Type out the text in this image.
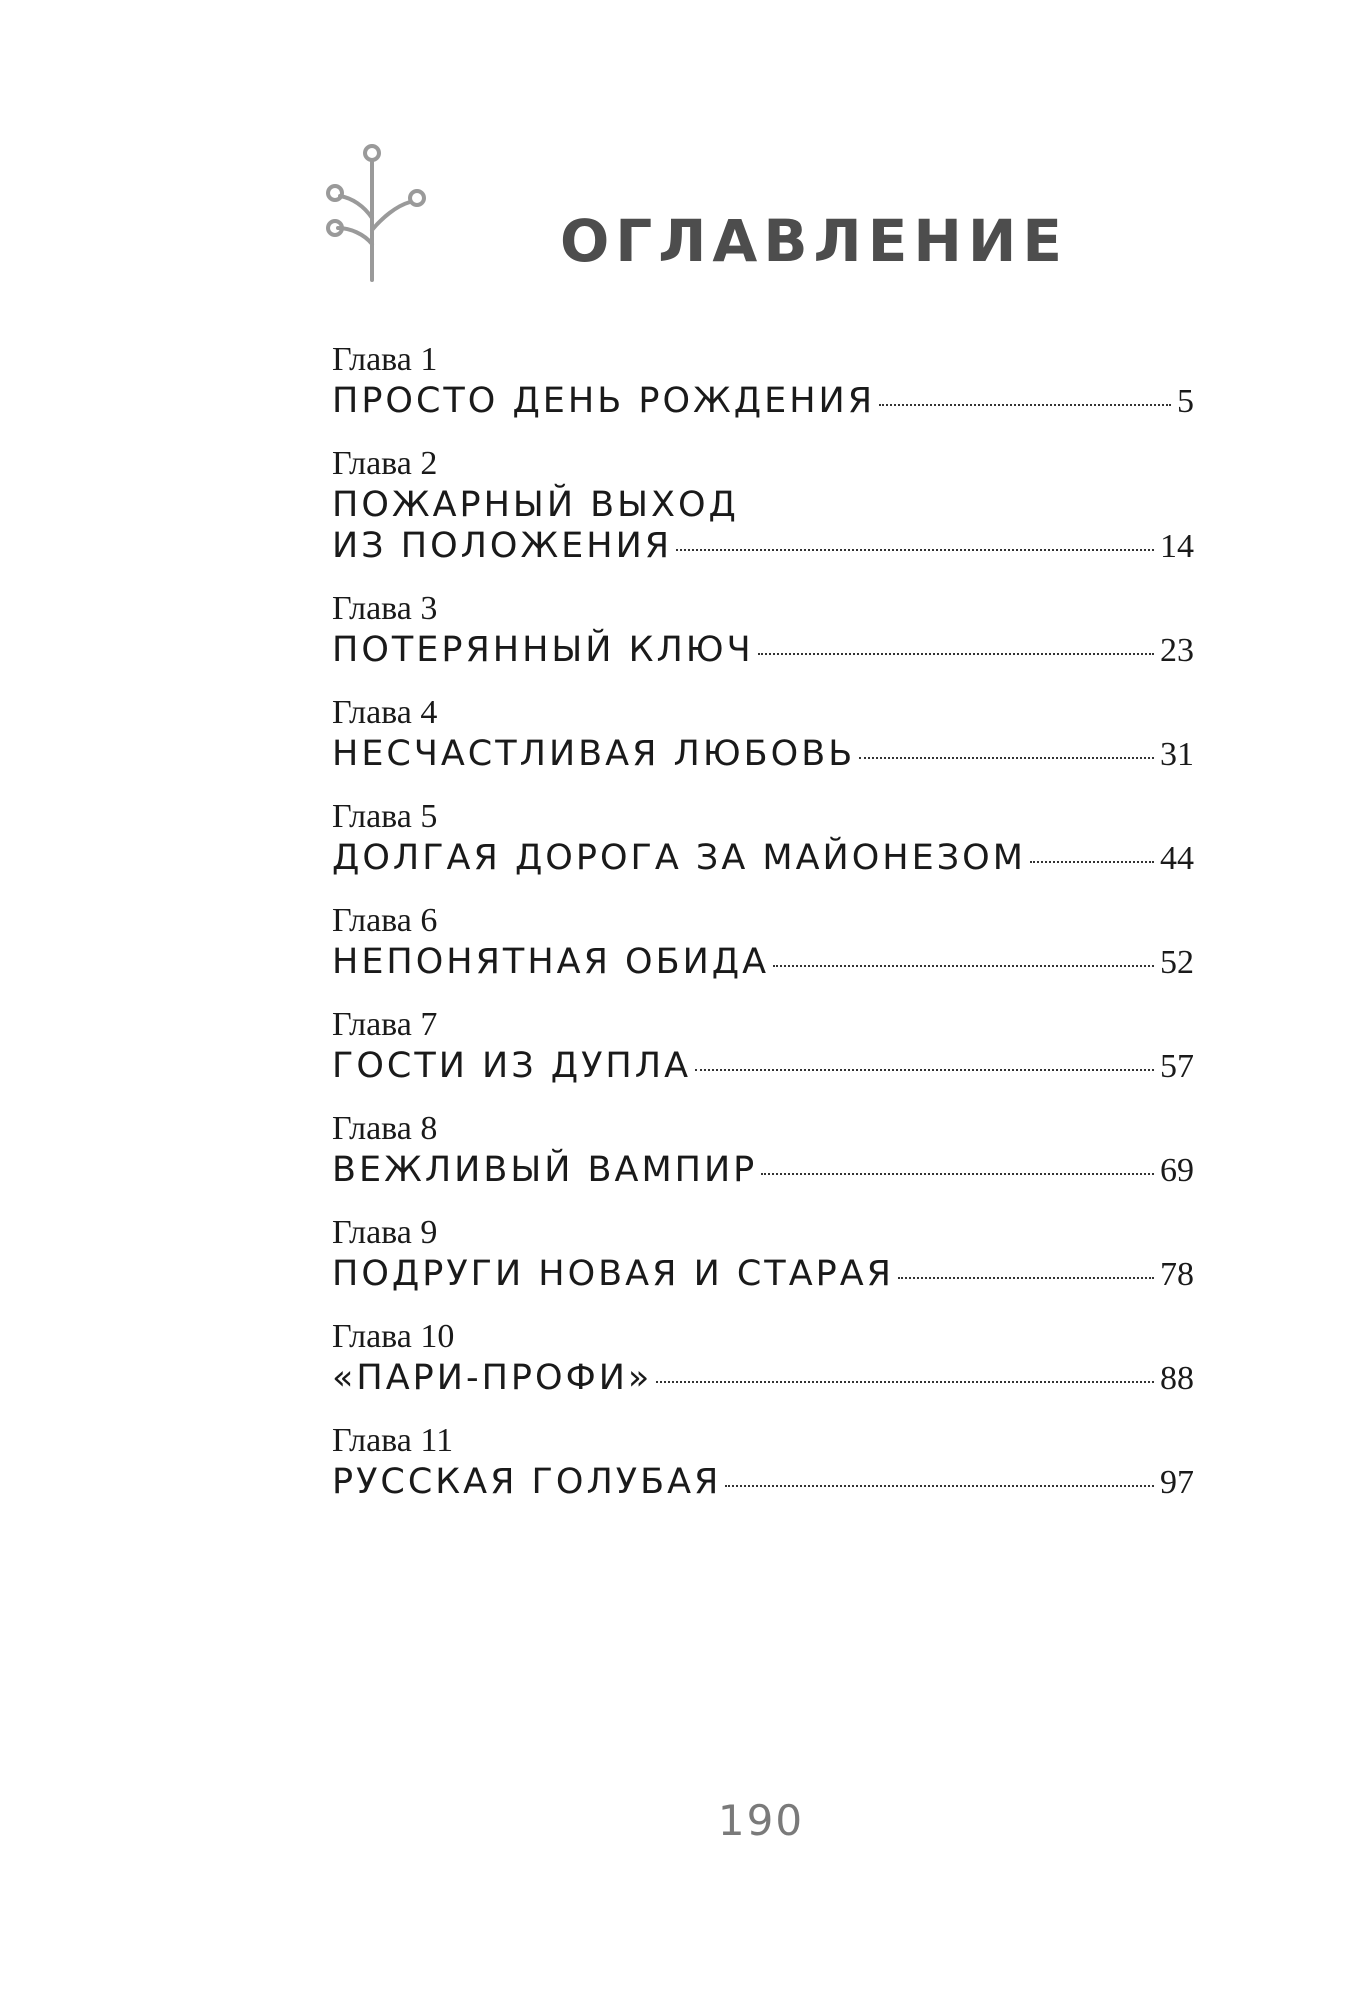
ОГЛАВЛЕНИЕ
Глава 1
ПРОСТО ДЕНЬ РОЖДЕНИЯ	5
Глава 2
ПОЖАРНЫЙ ВЫХОД
ИЗ ПОЛОЖЕНИЯ	14
Глава 3
ПОТЕРЯННЫЙ КЛЮЧ	23
Глава 4
НЕСЧАСТЛИВАЯ ЛЮБОВЬ	31
Глава 5
ДОЛГАЯ ДОРОГА ЗА МАЙОНЕЗОМ	44
Глава 6
НЕПОНЯТНАЯ ОБИДА	52
Глава 7
ГОСТИ ИЗ ДУПЛА	57
Глава 8
ВЕЖЛИВЫЙ ВАМПИР	69
Глава 9
ПОДРУГИ НОВАЯ И СТАРАЯ	78
Глава 10
«ПАРИ-ПРОФИ»	88
Глава 11
РУССКАЯ ГОЛУБАЯ	97
190
